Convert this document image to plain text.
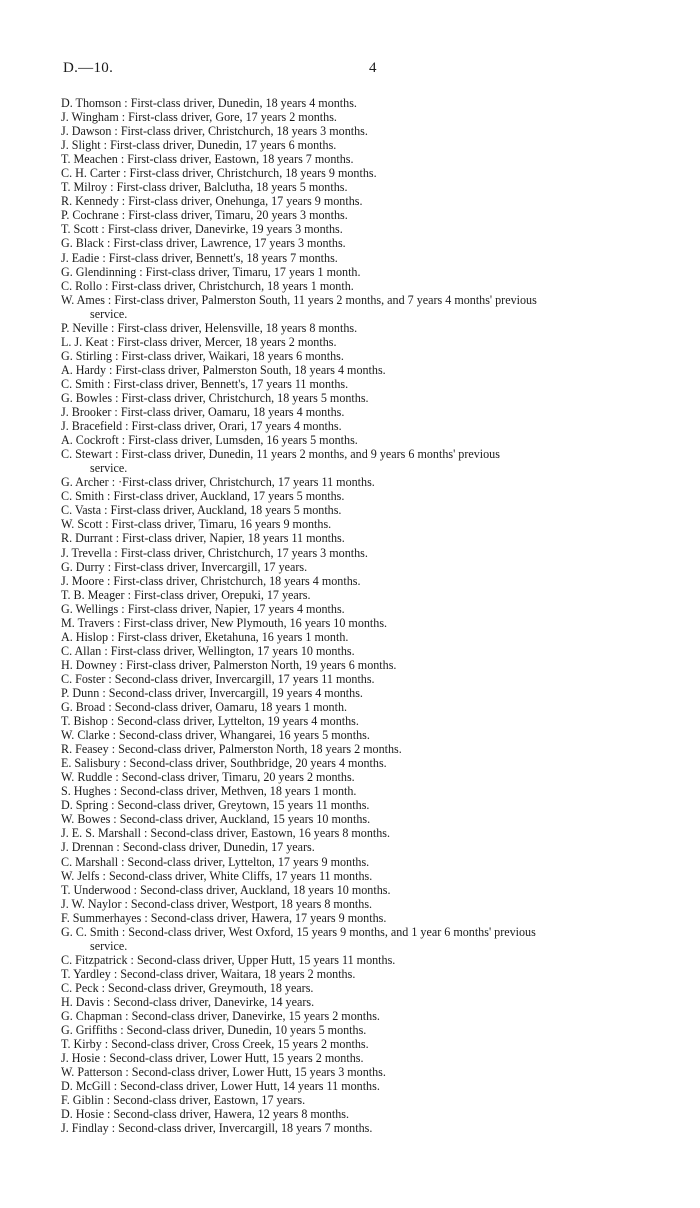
D.—10.	4
D. Thomson : First-class driver, Dunedin, 18 years 4 months.
J. Wingham : First-class driver, Gore, 17 years 2 months.
J. Dawson : First-class driver, Christchurch, 18 years 3 months.
J. Slight : First-class driver, Dunedin, 17 years 6 months.
T. Meachen : First-class driver, Eastown, 18 years 7 months.
C. H. Carter : First-class driver, Christchurch, 18 years 9 months.
T. Milroy : First-class driver, Balclutha, 18 years 5 months.
R. Kennedy : First-class driver, Onehunga, 17 years 9 months.
P. Cochrane : First-class driver, Timaru, 20 years 3 months.
T. Scott : First-class driver, Danevirke, 19 years 3 months.
G. Black : First-class driver, Lawrence, 17 years 3 months.
J. Eadie : First-class driver, Bennett's, 18 years 7 months.
G. Glendinning : First-class driver, Timaru, 17 years 1 month.
C. Rollo : First-class driver, Christchurch, 18 years 1 month.
W. Ames : First-class driver, Palmerston South, 11 years 2 months, and 7 years 4 months' previous
service.
P. Neville : First-class driver, Helensville, 18 years 8 months.
L. J. Keat : First-class driver, Mercer, 18 years 2 months.
G. Stirling : First-class driver, Waikari, 18 years 6 months.
A. Hardy : First-class driver, Palmerston South, 18 years 4 months.
C. Smith : First-class driver, Bennett's, 17 years 11 months.
G. Bowles : First-class driver, Christchurch, 18 years 5 months.
J. Brooker : First-class driver, Oamaru, 18 years 4 months.
J. Bracefield : First-class driver, Orari, 17 years 4 months.
A. Cockroft : First-class driver, Lumsden, 16 years 5 months.
C. Stewart : First-class driver, Dunedin, 11 years 2 months, and 9 years 6 months' previous
service.
G. Archer : ·First-class driver, Christchurch, 17 years 11 months.
C. Smith : First-class driver, Auckland, 17 years 5 months.
C. Vasta : First-class driver, Auckland, 18 years 5 months.
W. Scott : First-class driver, Timaru, 16 years 9 months.
R. Durrant : First-class driver, Napier, 18 years 11 months.
J. Trevella : First-class driver, Christchurch, 17 years 3 months.
G. Durry : First-class driver, Invercargill, 17 years.
J. Moore : First-class driver, Christchurch, 18 years 4 months.
T. B. Meager : First-class driver, Orepuki, 17 years.
G. Wellings : First-class driver, Napier, 17 years 4 months.
M. Travers : First-class driver, New Plymouth, 16 years 10 months.
A. Hislop : First-class driver, Eketahuna, 16 years 1 month.
C. Allan : First-class driver, Wellington, 17 years 10 months.
H. Downey : First-class driver, Palmerston North, 19 years 6 months.
C. Foster : Second-class driver, Invercargill, 17 years 11 months.
P. Dunn : Second-class driver, Invercargill, 19 years 4 months.
G. Broad : Second-class driver, Oamaru, 18 years 1 month.
T. Bishop : Second-class driver, Lyttelton, 19 years 4 months.
W. Clarke : Second-class driver, Whangarei, 16 years 5 months.
R. Feasey : Second-class driver, Palmerston North, 18 years 2 months.
E. Salisbury : Second-class driver, Southbridge, 20 years 4 months.
W. Ruddle : Second-class driver, Timaru, 20 years 2 months.
S. Hughes : Second-class driver, Methven, 18 years 1 month.
D. Spring : Second-class driver, Greytown, 15 years 11 months.
W. Bowes : Second-class driver, Auckland, 15 years 10 months.
J. E. S. Marshall : Second-class driver, Eastown, 16 years 8 months.
J. Drennan : Second-class driver, Dunedin, 17 years.
C. Marshall : Second-class driver, Lyttelton, 17 years 9 months.
W. Jelfs : Second-class driver, White Cliffs, 17 years 11 months.
T. Underwood : Second-class driver, Auckland, 18 years 10 months.
J. W. Naylor : Second-class driver, Westport, 18 years 8 months.
F. Summerhayes : Second-class driver, Hawera, 17 years 9 months.
G. C. Smith : Second-class driver, West Oxford, 15 years 9 months, and 1 year 6 months' previous
service.
C. Fitzpatrick : Second-class driver, Upper Hutt, 15 years 11 months.
T. Yardley : Second-class driver, Waitara, 18 years 2 months.
C. Peck : Second-class driver, Greymouth, 18 years.
H. Davis : Second-class driver, Danevirke, 14 years.
G. Chapman : Second-class driver, Danevirke, 15 years 2 months.
G. Griffiths : Second-class driver, Dunedin, 10 years 5 months.
T. Kirby : Second-class driver, Cross Creek, 15 years 2 months.
J. Hosie : Second-class driver, Lower Hutt, 15 years 2 months.
W. Patterson : Second-class driver, Lower Hutt, 15 years 3 months.
D. McGill : Second-class driver, Lower Hutt, 14 years 11 months.
F. Giblin : Second-class driver, Eastown, 17 years.
D. Hosie : Second-class driver, Hawera, 12 years 8 months.
J. Findlay : Second-class driver, Invercargill, 18 years 7 months.
